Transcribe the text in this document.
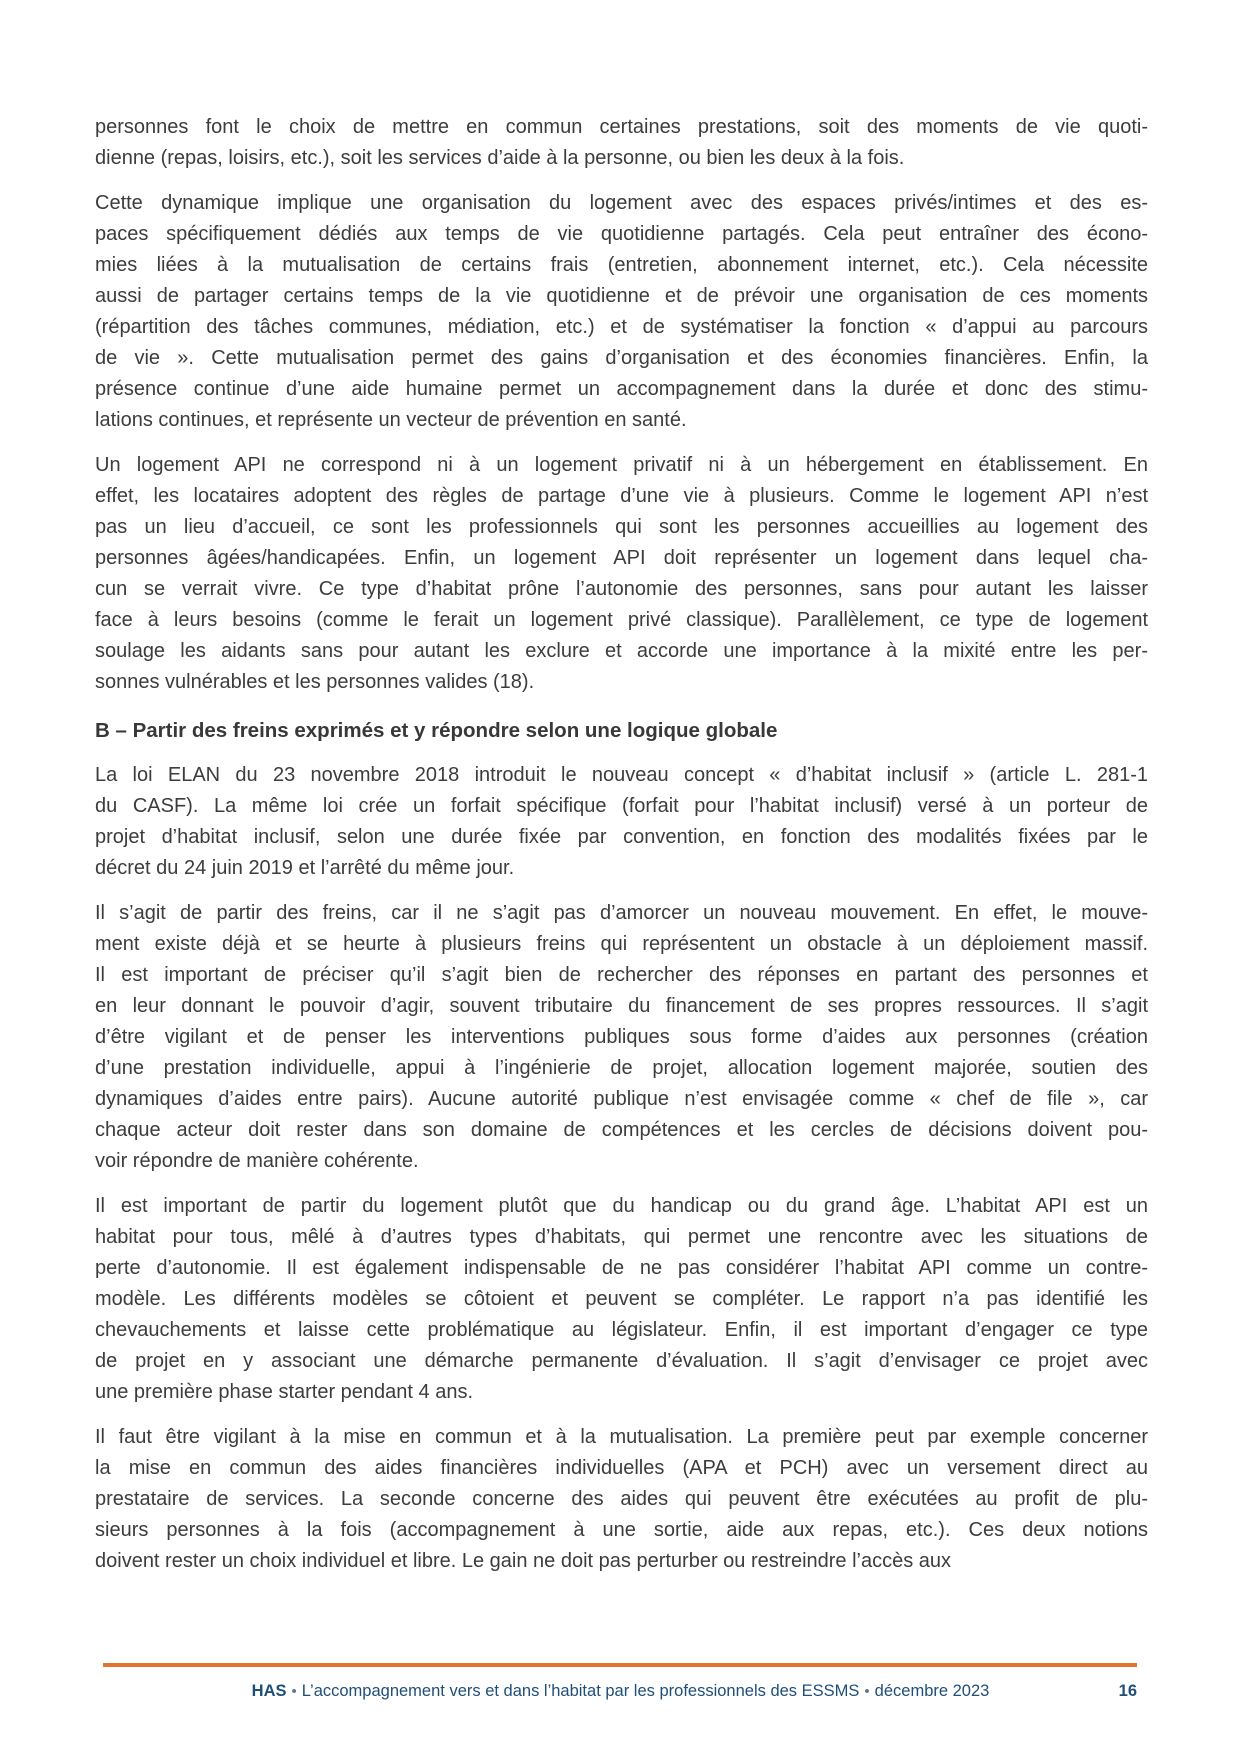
personnes font le choix de mettre en commun certaines prestations, soit des moments de vie quoti-
dienne (repas, loisirs, etc.), soit les services d’aide à la personne, ou bien les deux à la fois.

Cette dynamique implique une organisation du logement avec des espaces privés/intimes et des es-
paces spécifiquement dédiés aux temps de vie quotidienne partagés. Cela peut entraîner des écono-
mies liées à la mutualisation de certains frais (entretien, abonnement internet, etc.). Cela nécessite
aussi de partager certains temps de la vie quotidienne et de prévoir une organisation de ces moments
(répartition des tâches communes, médiation, etc.) et de systématiser la fonction « d’appui au parcours
de vie ». Cette mutualisation permet des gains d’organisation et des économies financières. Enfin, la
présence continue d’une aide humaine permet un accompagnement dans la durée et donc des stimu-
lations continues, et représente un vecteur de prévention en santé.

Un logement API ne correspond ni à un logement privatif ni à un hébergement en établissement. En
effet, les locataires adoptent des règles de partage d’une vie à plusieurs. Comme le logement API n’est
pas un lieu d’accueil, ce sont les professionnels qui sont les personnes accueillies au logement des
personnes âgées/handicapées. Enfin, un logement API doit représenter un logement dans lequel cha-
cun se verrait vivre. Ce type d’habitat prône l’autonomie des personnes, sans pour autant les laisser
face à leurs besoins (comme le ferait un logement privé classique). Parallèlement, ce type de logement
soulage les aidants sans pour autant les exclure et accorde une importance à la mixité entre les per-
sonnes vulnérables et les personnes valides (18).

B – Partir des freins exprimés et y répondre selon une logique globale

La loi ELAN du 23 novembre 2018 introduit le nouveau concept « d’habitat inclusif » (article L. 281-1
du CASF). La même loi crée un forfait spécifique (forfait pour l’habitat inclusif) versé à un porteur de
projet d’habitat inclusif, selon une durée fixée par convention, en fonction des modalités fixées par le
décret du 24 juin 2019 et l’arrêté du même jour.

Il s’agit de partir des freins, car il ne s’agit pas d’amorcer un nouveau mouvement. En effet, le mouve-
ment existe déjà et se heurte à plusieurs freins qui représentent un obstacle à un déploiement massif.
Il est important de préciser qu’il s’agit bien de rechercher des réponses en partant des personnes et
en leur donnant le pouvoir d’agir, souvent tributaire du financement de ses propres ressources. Il s’agit
d’être vigilant et de penser les interventions publiques sous forme d’aides aux personnes (création
d’une prestation individuelle, appui à l’ingénierie de projet, allocation logement majorée, soutien des
dynamiques d’aides entre pairs). Aucune autorité publique n’est envisagée comme « chef de file », car
chaque acteur doit rester dans son domaine de compétences et les cercles de décisions doivent pou-
voir répondre de manière cohérente.

Il est important de partir du logement plutôt que du handicap ou du grand âge. L’habitat API est un
habitat pour tous, mêlé à d’autres types d’habitats, qui permet une rencontre avec les situations de
perte d’autonomie. Il est également indispensable de ne pas considérer l’habitat API comme un contre-
modèle. Les différents modèles se côtoient et peuvent se compléter. Le rapport n’a pas identifié les
chevauchements et laisse cette problématique au législateur. Enfin, il est important d’engager ce type
de projet en y associant une démarche permanente d’évaluation. Il s’agit d’envisager ce projet avec
une première phase starter pendant 4 ans.

Il faut être vigilant à la mise en commun et à la mutualisation. La première peut par exemple concerner
la mise en commun des aides financières individuelles (APA et PCH) avec un versement direct au
prestataire de services. La seconde concerne des aides qui peuvent être exécutées au profit de plu-
sieurs personnes à la fois (accompagnement à une sortie, aide aux repas, etc.). Ces deux notions
doivent rester un choix individuel et libre. Le gain ne doit pas perturber ou restreindre l’accès aux

HAS • L’accompagnement vers et dans l’habitat par les professionnels des ESSMS • décembre 2023	16
